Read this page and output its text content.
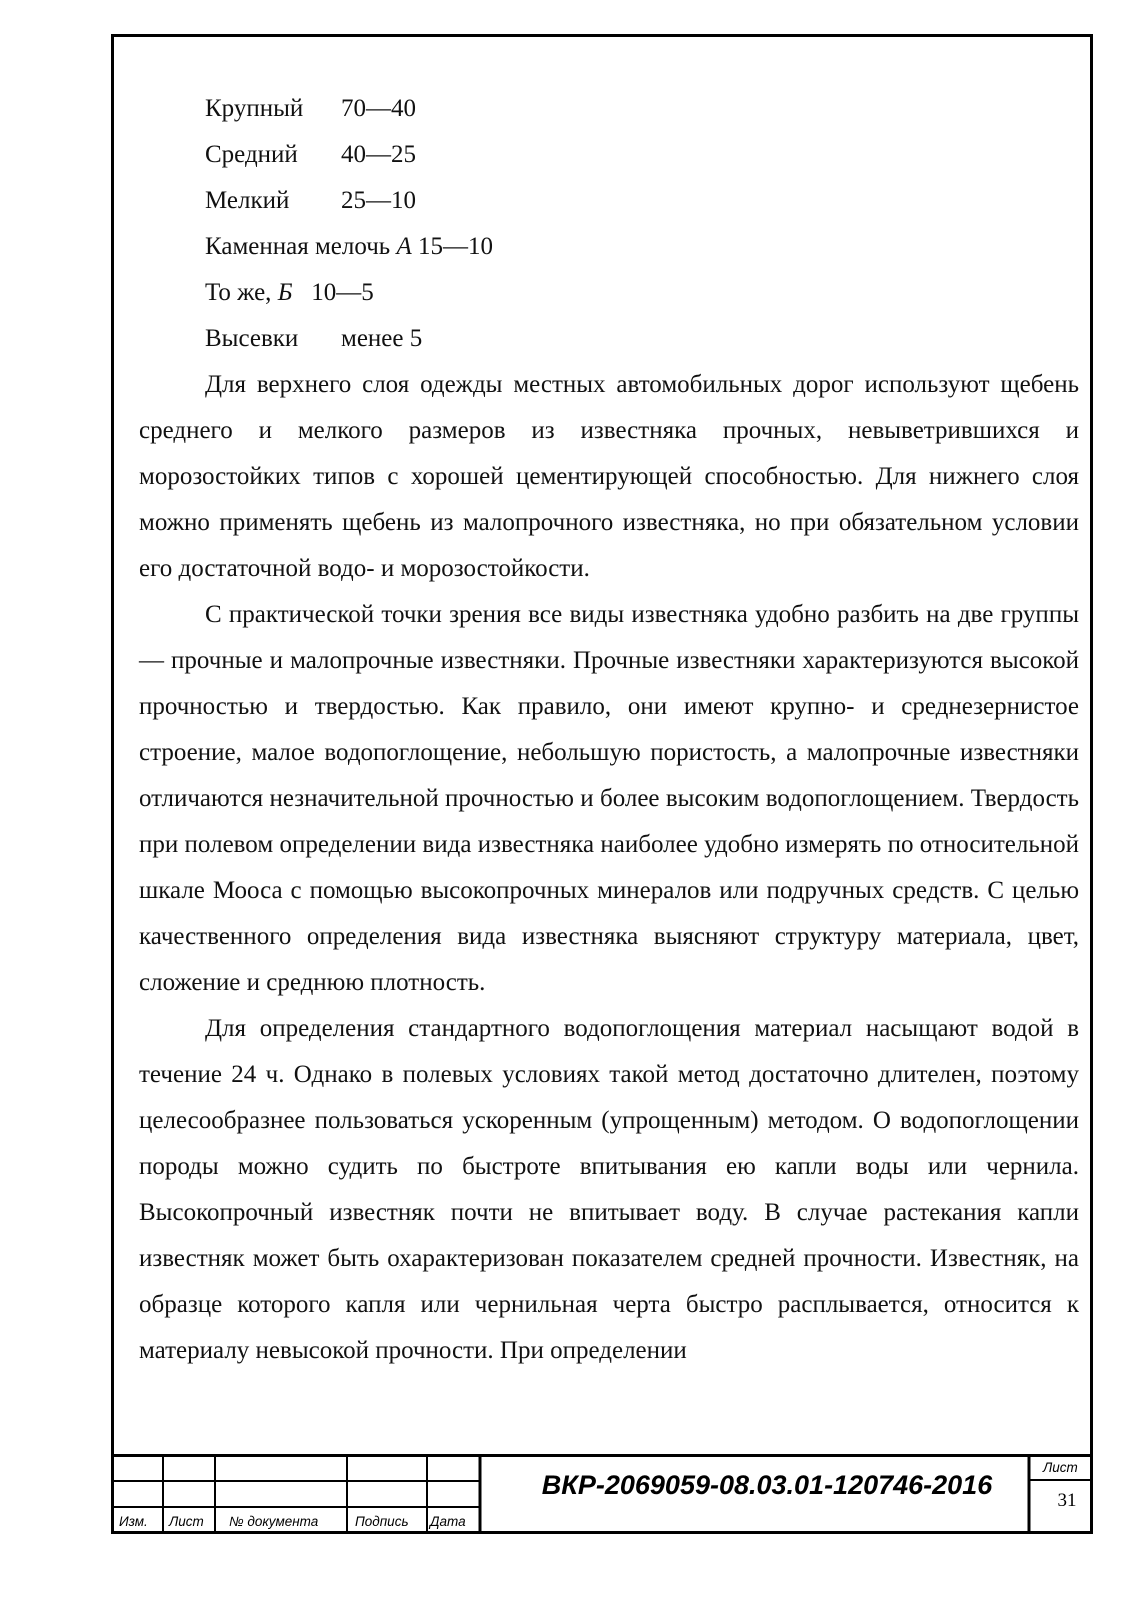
Крупный 70—40
Средний 40—25
Мелкий 25—10
Каменная мелочь А 15—10
То же, Б 10—5
Высевки менее 5

Для верхнего слоя одежды местных автомобильных дорог используют щебень среднего и мелкого размеров из известняка прочных, невыветрившихся и морозостойких типов с хорошей цементирующей способностью. Для нижнего слоя можно применять щебень из малопрочного известняка, но при обязательном условии его достаточной водо- и морозостойкости.

С практической точки зрения все виды известняка удобно разбить на две группы — прочные и малопрочные известняки. Прочные известняки характеризуются высокой прочностью и твердостью. Как правило, они имеют крупно- и среднезернистое строение, малое водопоглощение, небольшую пористость, а малопрочные известняки отличаются незначительной прочностью и более высоким водопоглощением. Твердость при полевом определении вида известняка наиболее удобно измерять по относительной шкале Мооса с помощью высокопрочных минералов или подручных средств. С целью качественного определения вида известняка выясняют структуру материала, цвет, сложение и среднюю плотность.

Для определения стандартного водопоглощения материал насыщают водой в течение 24 ч. Однако в полевых условиях такой метод достаточно длителен, поэтому целесообразнее пользоваться ускоренным (упрощенным) методом. О водопоглощении породы можно судить по быстроте впитывания ею капли воды или чернила. Высокопрочный известняк почти не впитывает воду. В случае растекания капли известняк может быть охарактеризован показателем средней прочности. Известняк, на образце которого капля или чернильная черта быстро расплывается, относится к материалу невысокой прочности. При определении

Изм. Лист № документа	Подпись Дата
ВКР-2069059-08.03.01-120746-2016
Лист
31
